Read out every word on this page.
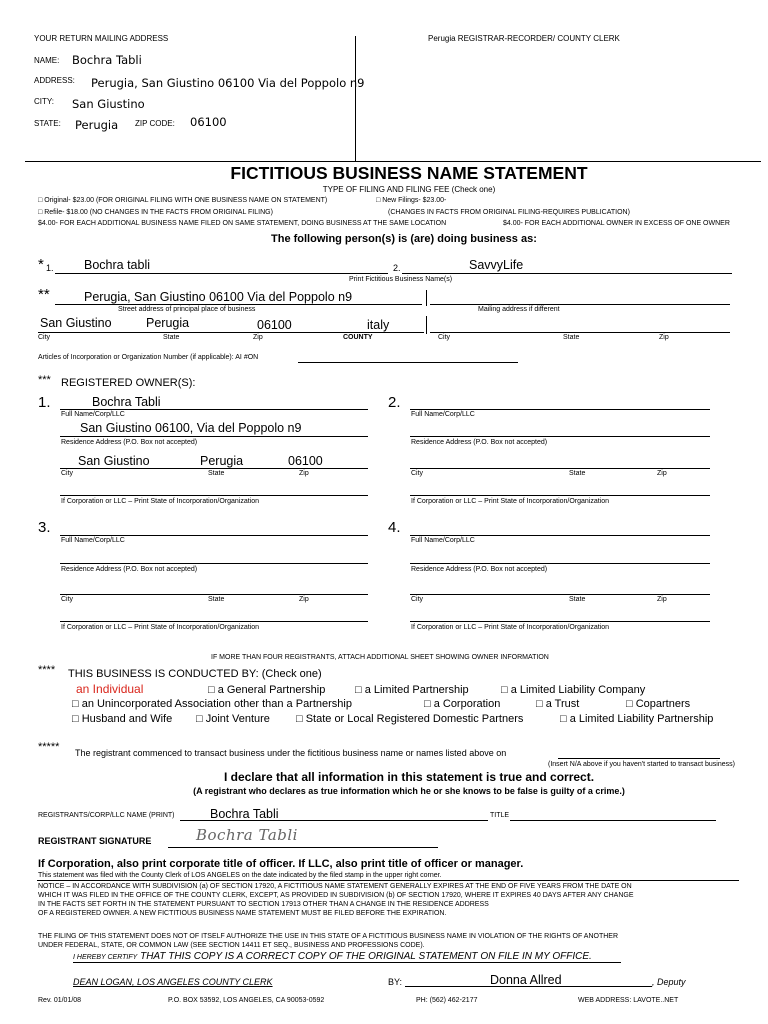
YOUR RETURN MAILING ADDRESS
NAME: Bochra Tabli
ADDRESS: Perugia, San Giustino 06100 Via del Poppolo n9
CITY: San Giustino
STATE: Perugia ZIP CODE: 06100
Perugia REGISTRAR-RECORDER/ COUNTY CLERK
FICTITIOUS BUSINESS NAME STATEMENT
TYPE OF FILING AND FILING FEE (Check one)
□ Original- $23.00 (FOR ORIGINAL FILING WITH ONE BUSINESS NAME ON STATEMENT)	□ New Filings- $23.00-
□ Refile- $18.00 (NO CHANGES IN THE FACTS FROM ORIGINAL FILING)	(CHANGES IN FACTS FROM ORIGINAL FILING-REQUIRES PUBLICATION)
$4.00- FOR EACH ADDITIONAL BUSINESS NAME FILED ON SAME STATEMENT, DOING BUSINESS AT THE SAME LOCATION	$4.00- FOR EACH ADDITIONAL OWNER IN EXCESS OF ONE OWNER
The following person(s) is (are) doing business as:
* 1. Bochra tabli	2.	SavvyLife
Print Fictitious Business Name(s)
**	Perugia, San Giustino 06100 Via del Poppolo n9
Street address of principal place of business	Mailing address if different
San Giustino	Perugia	06100	italy
City	State	Zip	COUNTY	City	State	Zip
Articles of Incorporation or Organization Number (if applicable): AI #ON
*** REGISTERED OWNER(S):
1.	Bochra Tabli
Full Name/Corp/LLC
San Giustino 06100, Via del Poppolo n9
Residence Address (P.O. Box not accepted)
San Giustino	Perugia	06100
City	State	Zip
If Corporation or LLC – Print State of Incorporation/Organization
2.
Full Name/Corp/LLC
Residence Address (P.O. Box not accepted)
City	State	Zip
If Corporation or LLC – Print State of Incorporation/Organization
3.
Full Name/Corp/LLC
Residence Address (P.O. Box not accepted)
City	State	Zip
If Corporation or LLC – Print State of Incorporation/Organization
4.
Full Name/Corp/LLC
Residence Address (P.O. Box not accepted)
City	State	Zip
If Corporation or LLC – Print State of Incorporation/Organization
IF MORE THAN FOUR REGISTRANTS, ATTACH ADDITIONAL SHEET SHOWING OWNER INFORMATION
**** THIS BUSINESS IS CONDUCTED BY: (Check one)
an Individual	□ a General Partnership	□ a Limited Partnership	□ a Limited Liability Company
□ an Unincorporated Association other than a Partnership	□ a Corporation	□ a Trust	□ Copartners
□ Husband and Wife □ Joint Venture □ State or Local Registered Domestic Partners	□ a Limited Liability Partnership
***** The registrant commenced to transact business under the fictitious business name or names listed above on
(Insert N/A above if you haven't started to transact business)
I declare that all information in this statement is true and correct.
(A registrant who declares as true information which he or she knows to be false is guilty of a crime.)
REGISTRANTS/CORP/LLC NAME (PRINT)	Bochra Tabli	TITLE
REGISTRANT SIGNATURE	Bochra Tabli
If Corporation, also print corporate title of officer. If LLC, also print title of officer or manager.
This statement was filed with the County Clerk of LOS ANGELES on the date indicated by the filed stamp in the upper right corner.
NOTICE – IN ACCORDANCE WITH SUBDIVISION (a) OF SECTION 17920, A FICTITIOUS NAME STATEMENT GENERALLY EXPIRES AT THE END OF FIVE YEARS FROM THE DATE ON
WHICH IT WAS FILED IN THE OFFICE OF THE COUNTY CLERK, EXCEPT, AS PROVIDED IN SUBDIVISION (b) OF SECTION 17920, WHERE IT EXPIRES 40 DAYS AFTER ANY CHANGE
IN THE FACTS SET FORTH IN THE STATEMENT PURSUANT TO SECTION 17913 OTHER THAN A CHANGE IN THE RESIDENCE ADDRESS
OF A REGISTERED OWNER. A NEW FICTITIOUS BUSINESS NAME STATEMENT MUST BE FILED BEFORE THE EXPIRATION.
THE FILING OF THIS STATEMENT DOES NOT OF ITSELF AUTHORIZE THE USE IN THIS STATE OF A FICTITIOUS BUSINESS NAME IN VIOLATION OF THE RIGHTS OF ANOTHER
UNDER FEDERAL, STATE, OR COMMON LAW (SEE SECTION 14411 ET SEQ., BUSINESS AND PROFESSIONS CODE).
I HEREBY CERTIFY THAT THIS COPY IS A CORRECT COPY OF THE ORIGINAL STATEMENT ON FILE IN MY OFFICE.
DEAN LOGAN, LOS ANGELES COUNTY CLERK	BY:	Donna Allred	, Deputy
Rev. 01/01/08	P.O. BOX 53592, LOS ANGELES, CA 90053-0592	PH: (562) 462-2177	WEB ADDRESS: LAVOTE..NET
